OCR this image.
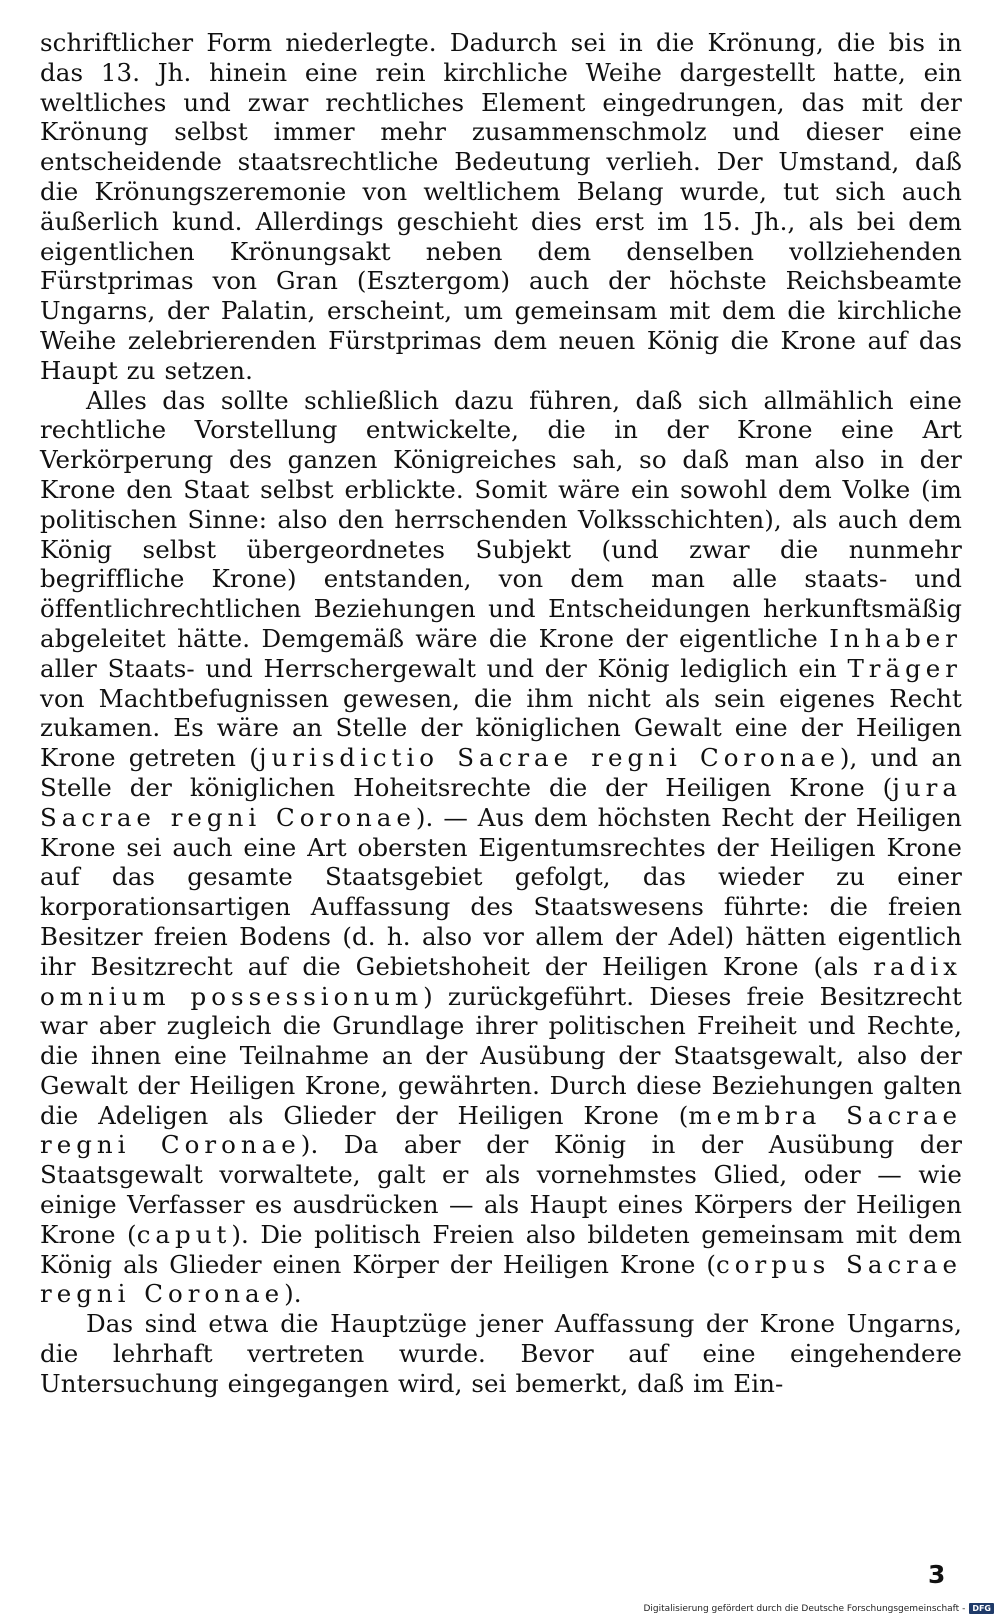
schriftlicher Form niederlegte. Dadurch sei in die Krönung, die bis in das 13. Jh. hinein eine rein kirchliche Weihe dargestellt hatte, ein weltliches und zwar rechtliches Element eingedrungen, das mit der Krönung selbst immer mehr zusammenschmolz und dieser eine entscheidende staatsrechtliche Bedeutung verlieh. Der Umstand, daß die Krönungszeremonie von weltlichem Belang wurde, tut sich auch äußerlich kund. Allerdings geschieht dies erst im 15. Jh., als bei dem eigentlichen Krönungsakt neben dem denselben vollziehenden Fürstprimas von Gran (Esztergom) auch der höchste Reichsbeamte Ungarns, der Palatin, erscheint, um gemeinsam mit dem die kirchliche Weihe zelebrierenden Fürstprimas dem neuen König die Krone auf das Haupt zu setzen.

Alles das sollte schließlich dazu führen, daß sich allmählich eine rechtliche Vorstellung entwickelte, die in der Krone eine Art Verkörperung des ganzen Königreiches sah, so daß man also in der Krone den Staat selbst erblickte. Somit wäre ein sowohl dem Volke (im politischen Sinne: also den herrschenden Volksschichten), als auch dem König selbst übergeordnetes Subjekt (und zwar die nunmehr begriffliche Krone) entstanden, von dem man alle staats- und öffentlichrechtlichen Beziehungen und Entscheidungen herkunftsmäßig abgeleitet hätte. Demgemäß wäre die Krone der eigentliche Inhaber aller Staats- und Herrschergewalt und der König lediglich ein Träger von Machtbefugnissen gewesen, die ihm nicht als sein eigenes Recht zukamen. Es wäre an Stelle der königlichen Gewalt eine der Heiligen Krone getreten (jurisdictio Sacrae regni Coronae), und an Stelle der königlichen Hoheitsrechte die der Heiligen Krone (jura Sacrae regni Coronae). — Aus dem höchsten Recht der Heiligen Krone sei auch eine Art obersten Eigentumsrechtes der Heiligen Krone auf das gesamte Staatsgebiet gefolgt, das wieder zu einer korporationsartigen Auffassung des Staatswesens führte: die freien Besitzer freien Bodens (d. h. also vor allem der Adel) hätten eigentlich ihr Besitzrecht auf die Gebietshoheit der Heiligen Krone (als radix omnium possessionum) zurückgeführt. Dieses freie Besitzrecht war aber zugleich die Grundlage ihrer politischen Freiheit und Rechte, die ihnen eine Teilnahme an der Ausübung der Staatsgewalt, also der Gewalt der Heiligen Krone, gewährten. Durch diese Beziehungen galten die Adeligen als Glieder der Heiligen Krone (membra Sacrae regni Coronae). Da aber der König in der Ausübung der Staatsgewalt vorwaltete, galt er als vornehmstes Glied, oder — wie einige Verfasser es ausdrücken — als Haupt eines Körpers der Heiligen Krone (caput). Die politisch Freien also bildeten gemeinsam mit dem König als Glieder einen Körper der Heiligen Krone (corpus Sacrae regni Coronae).

Das sind etwa die Hauptzüge jener Auffassung der Krone Ungarns, die lehrhaft vertreten wurde. Bevor auf eine eingehendere Untersuchung eingegangen wird, sei bemerkt, daß im Ein-

3
Digitalisierung gefördert durch die Deutsche Forschungsgemeinschaft - DFG
